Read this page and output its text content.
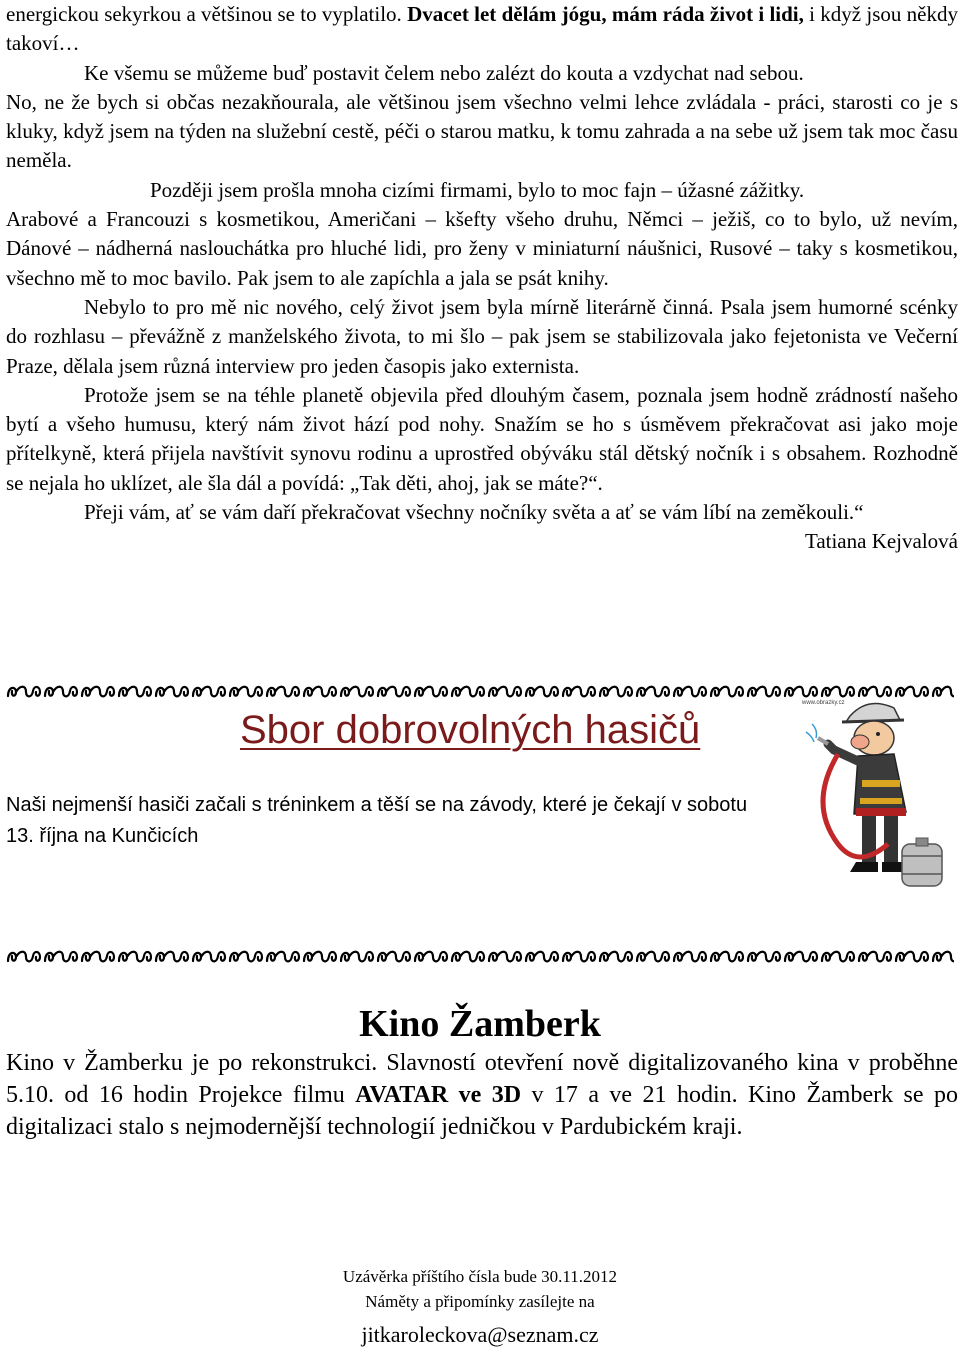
energickou sekyrkou a většinou se to vyplatilo. Dvacet let dělám jógu, mám ráda život i lidi, i když jsou někdy takoví…

Ke všemu se můžeme buď postavit čelem nebo zalézt do kouta a vzdychat nad sebou.

No, ne že bych si občas nezakňourala, ale většinou jsem všechno velmi lehce zvládala - práci, starosti co je s kluky, když jsem na týden na služební cestě, péči o starou matku, k tomu zahrada a na sebe už jsem tak moc času neměla.

Později jsem prošla mnoha cizími firmami, bylo to moc fajn – úžasné zážitky.

Arabové a Francouzi s kosmetikou, Američani – kšefty všeho druhu, Němci – ježiš, co to bylo, už nevím, Dánové – nádherná naslouchátka pro hluché lidi, pro ženy v miniaturní náušnici, Rusové – taky s kosmetikou, všechno mě to moc bavilo. Pak jsem to ale zapíchla a jala se psát knihy.

Nebylo to pro mě nic nového, celý život jsem byla mírně literárně činná. Psala jsem humorné scénky do rozhlasu – převážně z manželského života, to mi šlo – pak jsem se stabilizovala jako fejetonista ve Večerní Praze, dělala jsem různá interview pro jeden časopis jako externista.

Protože jsem se na téhle planetě objevila před dlouhým časem, poznala jsem hodně zrádností našeho bytí a všeho humusu, který nám život hází pod nohy. Snažím se ho s úsměvem překračovat asi jako moje přítelkyně, která přijela navštívit synovu rodinu a uprostřed obýváku stál dětský nočník i s obsahem. Rozhodně se nejala ho uklízet, ale šla dál a povídá: „Tak děti, ahoj, jak se máte?“.

Přeji vám, ať se vám daří překračovat všechny nočníky světa a ať se vám líbí na zeměkouli.“

Tatiana Kejvalová

Sbor dobrovolných hasičů
Naši nejmenší hasiči začali s tréninkem a těší se na závody, které je čekají v sobotu 13. října na Kunčicích
www.obrazky.cz
Kino Žamberk

Kino v Žamberku je po rekonstrukci. Slavností otevření nově digitalizovaného kina v proběhne 5.10. od 16 hodin Projekce filmu AVATAR ve 3D v 17 a ve 21 hodin. Kino Žamberk se po digitalizaci stalo s nejmodernější technologií jedničkou v Pardubickém kraji.

Uzávěrka příštího čísla bude 30.11.2012
Náměty a připomínky zasílejte na
jitkaroleckova@seznam.cz
